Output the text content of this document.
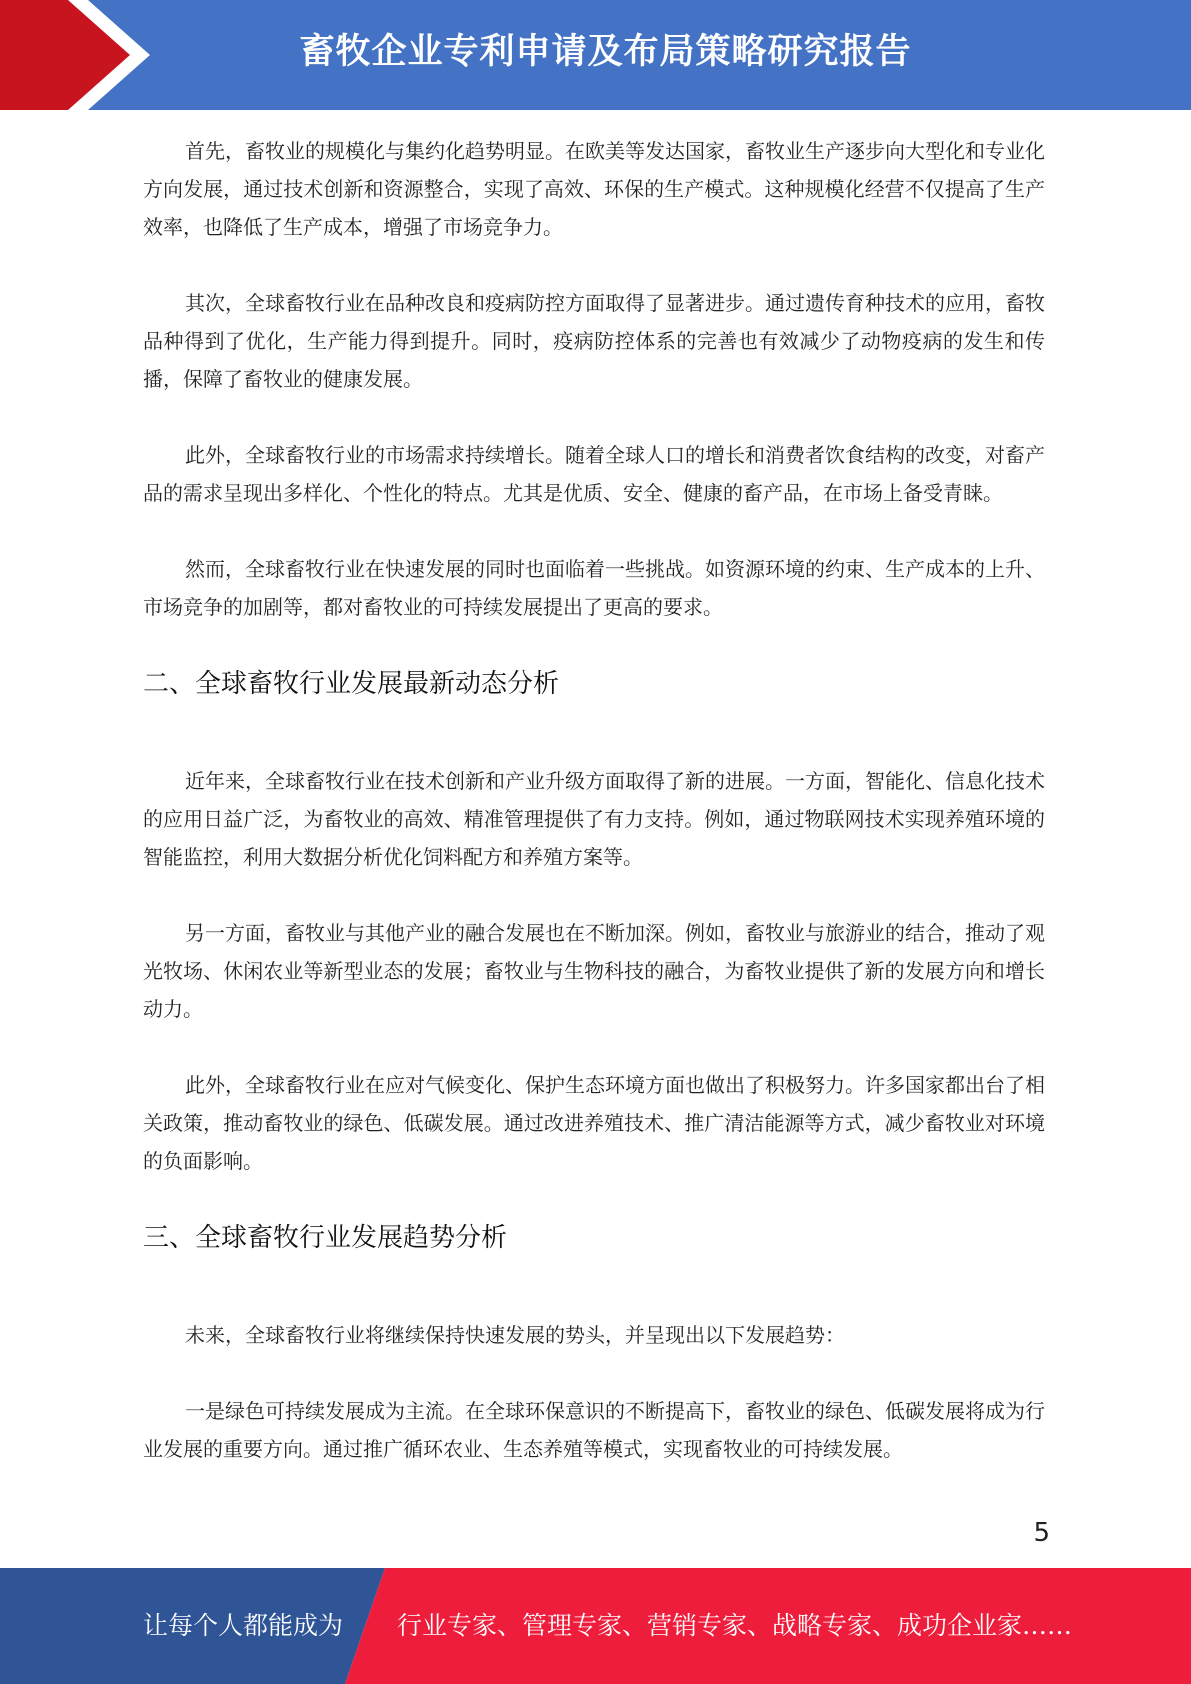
畜牧企业专利申请及布局策略研究报告

首先，畜牧业的规模化与集约化趋势明显。在欧美等发达国家，畜牧业生产逐步向大型化和专业化方向发展，通过技术创新和资源整合，实现了高效、环保的生产模式。这种规模化经营不仅提高了生产效率，也降低了生产成本，增强了市场竞争力。

其次，全球畜牧行业在品种改良和疫病防控方面取得了显著进步。通过遗传育种技术的应用，畜牧品种得到了优化，生产能力得到提升。同时，疫病防控体系的完善也有效减少了动物疫病的发生和传播，保障了畜牧业的健康发展。

此外，全球畜牧行业的市场需求持续增长。随着全球人口的增长和消费者饮食结构的改变，对畜产品的需求呈现出多样化、个性化的特点。尤其是优质、安全、健康的畜产品，在市场上备受青睐。

然而，全球畜牧行业在快速发展的同时也面临着一些挑战。如资源环境的约束、生产成本的上升、市场竞争的加剧等，都对畜牧业的可持续发展提出了更高的要求。

二、全球畜牧行业发展最新动态分析

近年来，全球畜牧行业在技术创新和产业升级方面取得了新的进展。一方面，智能化、信息化技术的应用日益广泛，为畜牧业的高效、精准管理提供了有力支持。例如，通过物联网技术实现养殖环境的智能监控，利用大数据分析优化饲料配方和养殖方案等。

另一方面，畜牧业与其他产业的融合发展也在不断加深。例如，畜牧业与旅游业的结合，推动了观光牧场、休闲农业等新型业态的发展；畜牧业与生物科技的融合，为畜牧业提供了新的发展方向和增长动力。

此外，全球畜牧行业在应对气候变化、保护生态环境方面也做出了积极努力。许多国家都出台了相关政策，推动畜牧业的绿色、低碳发展。通过改进养殖技术、推广清洁能源等方式，减少畜牧业对环境的负面影响。

三、全球畜牧行业发展趋势分析

未来，全球畜牧行业将继续保持快速发展的势头，并呈现出以下发展趋势：

一是绿色可持续发展成为主流。在全球环保意识的不断提高下，畜牧业的绿色、低碳发展将成为行业发展的重要方向。通过推广循环农业、生态养殖等模式，实现畜牧业的可持续发展。

5
让每个人都能成为 行业专家、管理专家、营销专家、战略专家、成功企业家……
